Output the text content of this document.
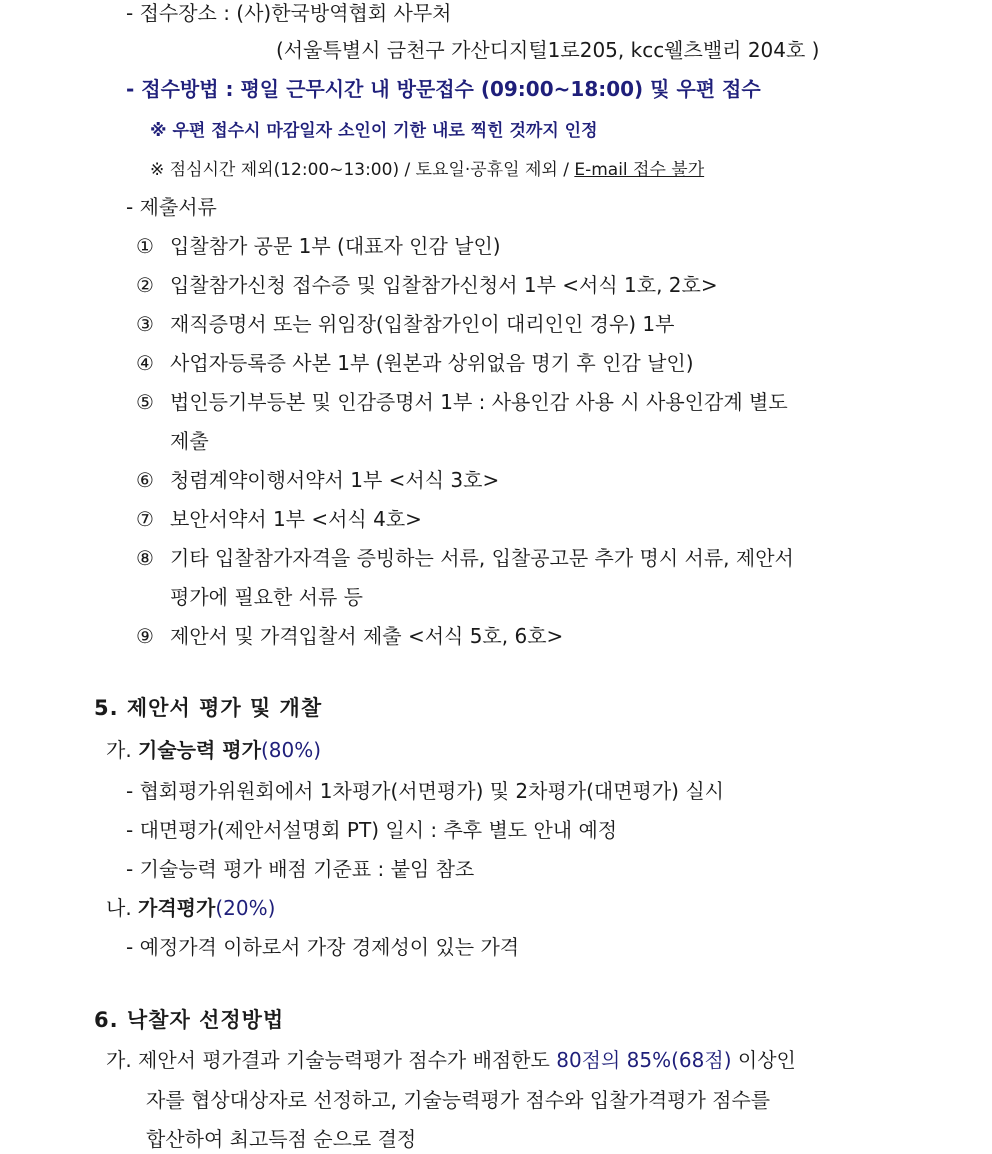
- 접수장소 : (사)한국방역협회 사무처
(서울특별시 금천구 가산디지털1로205, kcc웰츠밸리 204호 )
- 접수방법 : 평일 근무시간 내 방문접수 (09:00~18:00) 및 우편 접수
※ 우편 접수시 마감일자 소인이 기한 내로 찍힌 것까지 인정
※ 점심시간 제외(12:00~13:00) / 토요일·공휴일 제외 / E-mail 접수 불가
- 제출서류
① 입찰참가 공문 1부 (대표자 인감 날인)
② 입찰참가신청 접수증 및 입찰참가신청서 1부 <서식 1호, 2호>
③ 재직증명서 또는 위임장(입찰참가인이 대리인인 경우) 1부
④ 사업자등록증 사본 1부 (원본과 상위없음 명기 후 인감 날인)
⑤ 법인등기부등본 및 인감증명서 1부 : 사용인감 사용 시 사용인감계 별도
제출
⑥ 청렴계약이행서약서 1부 <서식 3호>
⑦ 보안서약서 1부 <서식 4호>
⑧ 기타 입찰참가자격을 증빙하는 서류, 입찰공고문 추가 명시 서류, 제안서
평가에 필요한 서류 등
⑨ 제안서 및 가격입찰서 제출 <서식 5호, 6호>
5. 제안서 평가 및 개찰
가. 기술능력 평가(80%)
- 협회평가위원회에서 1차평가(서면평가) 및 2차평가(대면평가) 실시
- 대면평가(제안서설명회 PT) 일시 : 추후 별도 안내 예정
- 기술능력 평가 배점 기준표 : 붙임 참조
나. 가격평가(20%)
- 예정가격 이하로서 가장 경제성이 있는 가격
6. 낙찰자 선정방법
가. 제안서 평가결과 기술능력평가 점수가 배점한도 80점의 85%(68점) 이상인
자를 협상대상자로 선정하고, 기술능력평가 점수와 입찰가격평가 점수를
합산하여 최고득점 순으로 결정
